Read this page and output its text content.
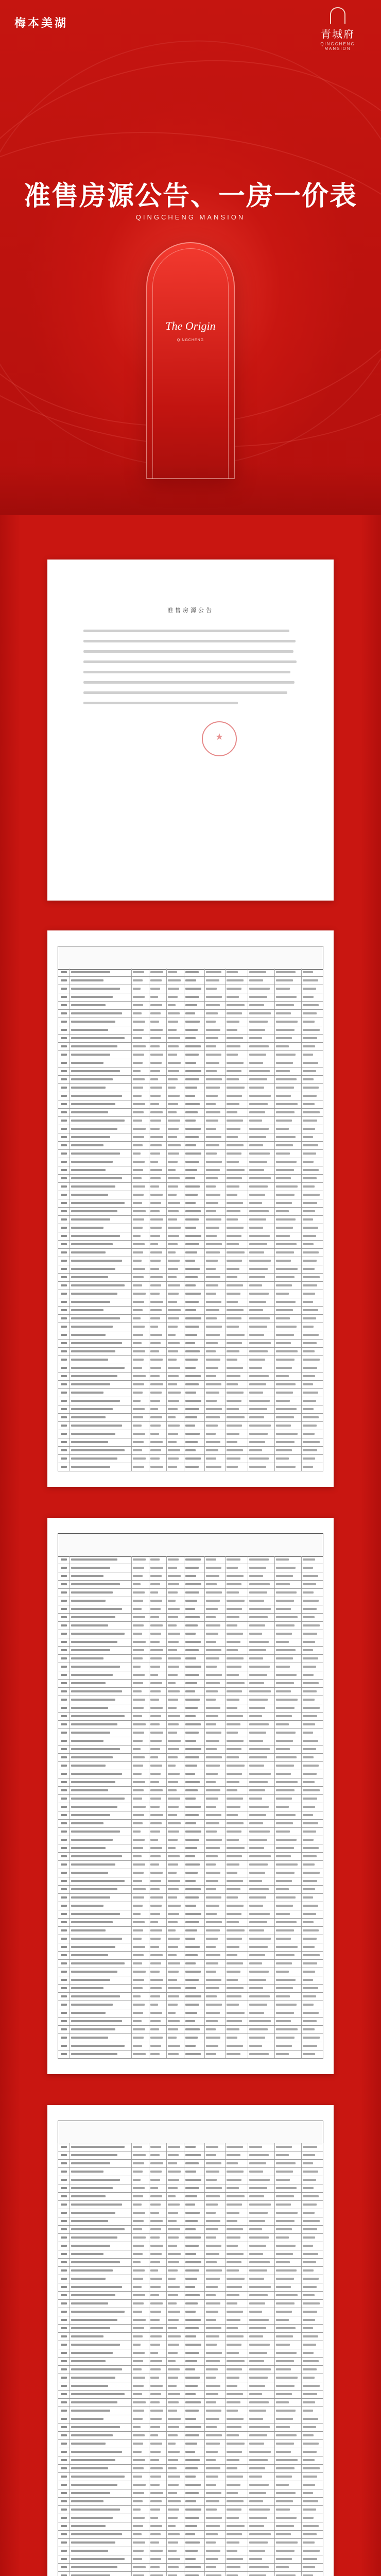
梅本美湖
青城府
QINGCHENG MANSION
准售房源公告、一房一价表
QINGCHENG MANSION
The Origin
QINGCHENG
准售房源公告
★
